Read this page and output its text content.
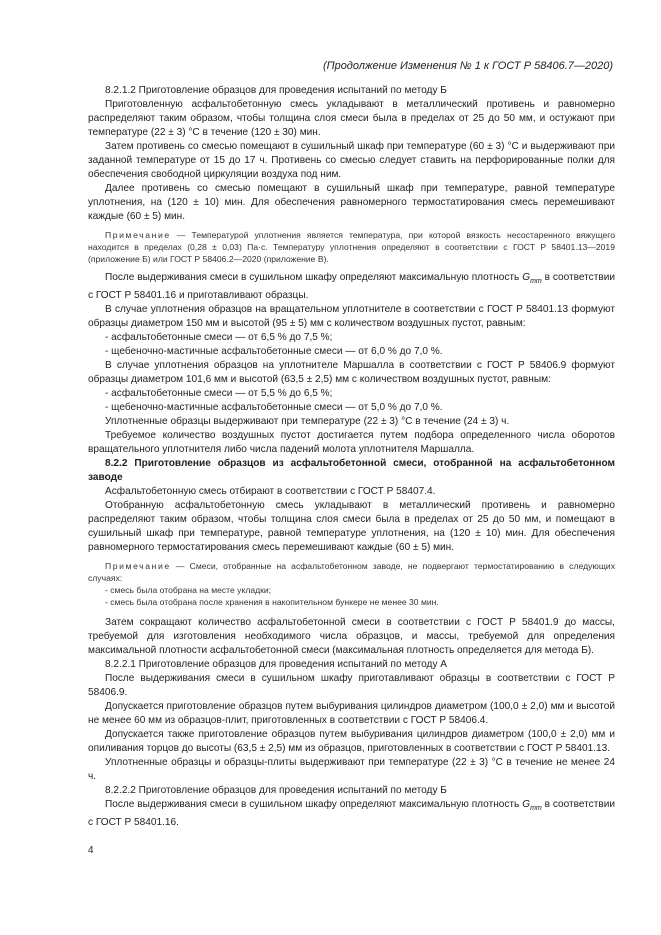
(Продолжение Изменения № 1 к ГОСТ Р 58406.7—2020)

8.2.1.2 Приготовление образцов для проведения испытаний по методу Б

Приготовленную асфальтобетонную смесь укладывают в металлический противень и равномерно распределяют таким образом, чтобы толщина слоя смеси была в пределах от 25 до 50 мм, и остужают при температуре (22 ± 3) °С в течение (120 ± 30) мин.

Затем противень со смесью помещают в сушильный шкаф при температуре (60 ± 3) °С и выдерживают при заданной температуре от 15 до 17 ч. Противень со смесью следует ставить на перфорированные полки для обеспечения свободной циркуляции воздуха под ним.

Далее противень со смесью помещают в сушильный шкаф при температуре, равной температуре уплотнения, на (120 ± 10) мин. Для обеспечения равномерного термостатирования смесь перемешивают каждые (60 ± 5) мин.

Примечание — Температурой уплотнения является температура, при которой вязкость несостаренного вяжущего находится в пределах (0,28 ± 0,03) Па·с. Температуру уплотнения определяют в соответствии с ГОСТ Р 58401.13—2019 (приложение Б) или ГОСТ Р 58406.2—2020 (приложение В).

После выдерживания смеси в сушильном шкафу определяют максимальную плотность $G_{mm}$ в соответствии с ГОСТ Р 58401.16 и приготавливают образцы.

В случае уплотнения образцов на вращательном уплотнителе в соответствии с ГОСТ Р 58401.13 формуют образцы диаметром 150 мм и высотой (95 ± 5) мм с количеством воздушных пустот, равным:

- асфальтобетонные смеси — от 6,5 % до 7,5 %;

- щебеночно-мастичные асфальтобетонные смеси — от 6,0 % до 7,0 %.

В случае уплотнения образцов на уплотнителе Маршалла в соответствии с ГОСТ Р 58406.9 формуют образцы диаметром 101,6 мм и высотой (63,5 ± 2,5) мм с количеством воздушных пустот, равным:

- асфальтобетонные смеси — от 5,5 % до 6,5 %;

- щебеночно-мастичные асфальтобетонные смеси — от 5,0 % до 7,0 %.

Уплотненные образцы выдерживают при температуре (22 ± 3) °С в течение (24 ± 3) ч.

Требуемое количество воздушных пустот достигается путем подбора определенного числа оборотов вращательного уплотнителя либо числа падений молота уплотнителя Маршалла.

8.2.2 Приготовление образцов из асфальтобетонной смеси, отобранной на асфальтобетонном заводе

Асфальтобетонную смесь отбирают в соответствии с ГОСТ Р 58407.4.

Отобранную асфальтобетонную смесь укладывают в металлический противень и равномерно распределяют таким образом, чтобы толщина слоя смеси была в пределах от 25 до 50 мм, и помещают в сушильный шкаф при температуре, равной температуре уплотнения, на (120 ± 10) мин. Для обеспечения равномерного термостатирования смесь перемешивают каждые (60 ± 5) мин.

Примечание — Смеси, отобранные на асфальтобетонном заводе, не подвергают термостатированию в следующих случаях:

- смесь была отобрана на месте укладки;

- смесь была отобрана после хранения в накопительном бункере не менее 30 мин.

Затем сокращают количество асфальтобетонной смеси в соответствии с ГОСТ Р 58401.9 до массы, требуемой для изготовления необходимого числа образцов, и массы, требуемой для определения максимальной плотности асфальтобетонной смеси (максимальная плотность определяется для метода Б).

8.2.2.1 Приготовление образцов для проведения испытаний по методу А

После выдерживания смеси в сушильном шкафу приготавливают образцы в соответствии с ГОСТ Р 58406.9.

Допускается приготовление образцов путем выбуривания цилиндров диаметром (100,0 ± 2,0) мм и высотой не менее 60 мм из образцов-плит, приготовленных в соответствии с ГОСТ Р 58406.4.

Допускается также приготовление образцов путем выбуривания цилиндров диаметром (100,0 ± 2,0) мм и опиливания торцов до высоты (63,5 ± 2,5) мм из образцов, приготовленных в соответствии с ГОСТ Р 58401.13.

Уплотненные образцы и образцы-плиты выдерживают при температуре (22 ± 3) °С в течение не менее 24 ч.

8.2.2.2 Приготовление образцов для проведения испытаний по методу Б

После выдерживания смеси в сушильном шкафу определяют максимальную плотность $G_{mm}$ в соответствии с ГОСТ Р 58401.16.

4
